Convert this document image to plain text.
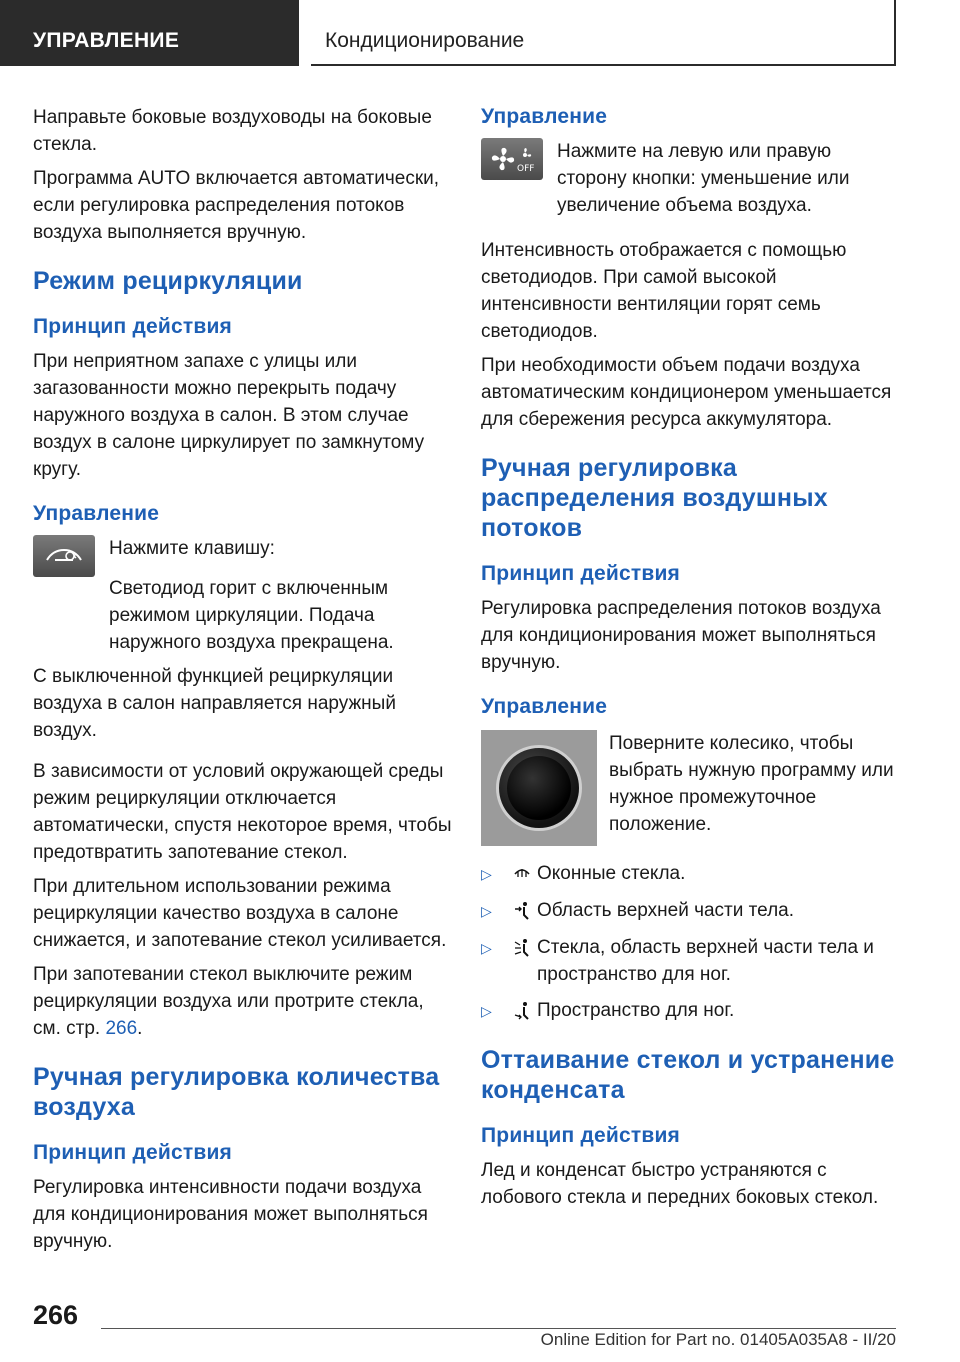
УПРАВЛЕНИЕ	Кондиционирование

Направьте боковые воздуховоды на боковые стекла.

Программа AUTO включается автоматически, если регулировка распределения потоков воздуха выполняется вручную.

Режим рециркуляции
Принцип действия

При неприятном запахе с улицы или загазованности можно перекрыть подачу наружного воздуха в салон. В этом случае воздух в салоне циркулирует по замкнутому кругу.

Управление

Нажмите клавишу:

Светодиод горит с включенным режимом циркуляции. Подача наружного воздуха прекращена.

С выключенной функцией рециркуляции воздуха в салон направляется наружный воздух.

В зависимости от условий окружающей среды режим рециркуляции отключается автоматически, спустя некоторое время, чтобы предотвратить запотевание стекол.

При длительном использовании режима рециркуляции качество воздуха в салоне снижается, и запотевание стекол усиливается.

При запотевании стекол выключите режим рециркуляции воздуха или протрите стекла, см. стр. 266.

Ручная регулировка количества воздуха
Принцип действия

Регулировка интенсивности подачи воздуха для кондиционирования может выполняться вручную.

Управление
OFF

Нажмите на левую или правую сторону кнопки: уменьшение или увеличение объема воздуха.

Интенсивность отображается с помощью светодиодов. При самой высокой интенсивности вентиляции горят семь светодиодов.

При необходимости объем подачи воздуха автоматическим кондиционером уменьшается для сбережения ресурса аккумулятора.

Ручная регулировка распределения воздушных потоков
Принцип действия

Регулировка распределения потоков воздуха для кондиционирования может выполняться вручную.

Управление

Поверните колесико, чтобы выбрать нужную программу или нужное промежуточное положение.

▷	Оконные стекла.
▷	Область верхней части тела.
▷	Стекла, область верхней части тела и пространство для ног.
▷	Пространство для ног.
Оттаивание стекол и устранение конденсата
Принцип действия

Лед и конденсат быстро устраняются с лобового стекла и передних боковых стекол.

266
Online Edition for Part no. 01405A035A8 - II/20
